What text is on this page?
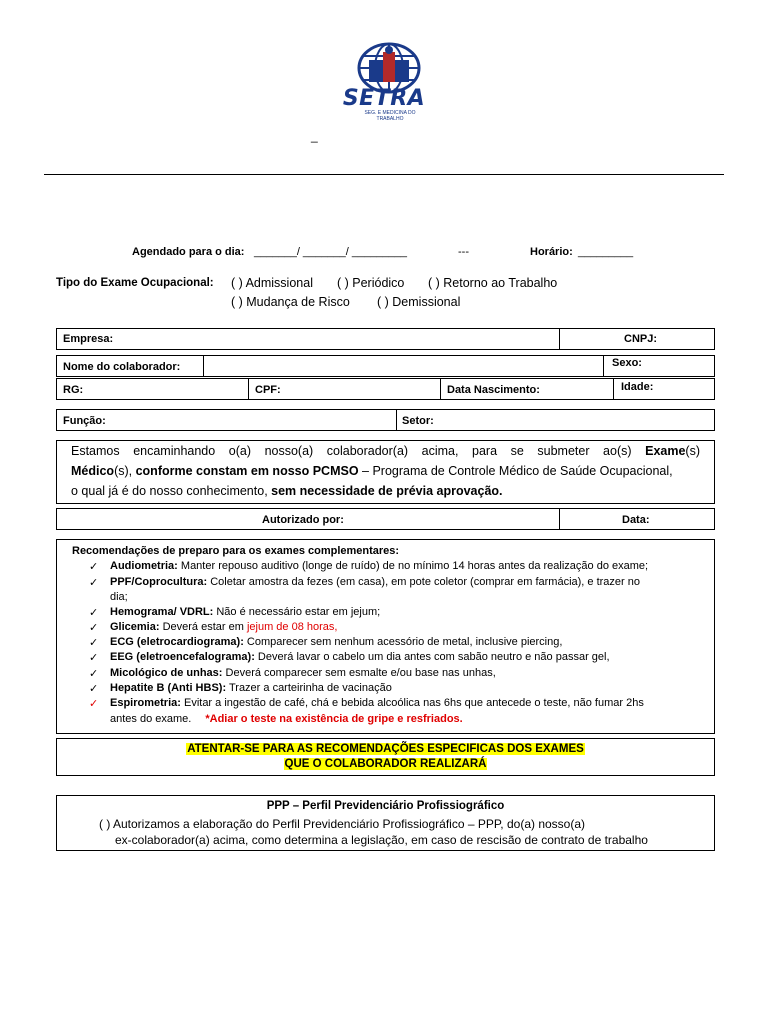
SETRA
SEG. E MEDICINA DO TRABALHO
_
Agendado para o dia: _______/ _______/ _________	---	Horário: _________
Tipo do Exame Ocupacional: ( ) Admissional ( ) Periódico ( ) Retorno ao Trabalho
( ) Mudança de Risco ( ) Demissional
Empresa:	CNPJ:
Nome do colaborador:	Sexo:
RG:	CPF:	Data Nascimento:	Idade:
Função:	Setor:

Estamos encaminhando o(a) nosso(a) colaborador(a) acima, para se submeter ao(s) Exame(s)

Médico(s), conforme constam em nosso PCMSO – Programa de Controle Médico de Saúde Ocupacional,

o qual já é do nosso conhecimento, sem necessidade de prévia aprovação.

Autorizado por:	Data:
Recomendações de preparo para os exames complementares:
✓ Audiometria: Manter repouso auditivo (longe de ruído) de no mínimo 14 horas antes da realização do exame;
✓ PPF/Coprocultura: Coletar amostra da fezes (em casa), em pote coletor (comprar em farmácia), e trazer no
dia;
✓ Hemograma/ VDRL: Não é necessário estar em jejum;
✓ Glicemia: Deverá estar em jejum de 08 horas,
✓ ECG (eletrocardiograma): Comparecer sem nenhum acessório de metal, inclusive piercing,
✓ EEG (eletroencefalograma): Deverá lavar o cabelo um dia antes com sabão neutro e não passar gel,
✓ Micológico de unhas: Deverá comparecer sem esmalte e/ou base nas unhas,
✓ Hepatite B (Anti HBS): Trazer a carteirinha de vacinação
✓ Espirometria: Evitar a ingestão de café, chá e bebida alcoólica nas 6hs que antecede o teste, não fumar 2hs
antes do exame. *Adiar o teste na existência de gripe e resfriados.
ATENTAR-SE PARA AS RECOMENDAÇÕES ESPECIFICAS DOS EXAMES
QUE O COLABORADOR REALIZARÁ
PPP – Perfil Previdenciário Profissiográfico
( ) Autorizamos a elaboração do Perfil Previdenciário Profissiográfico – PPP, do(a) nosso(a)
ex-colaborador(a) acima, como determina a legislação, em caso de rescisão de contrato de trabalho
